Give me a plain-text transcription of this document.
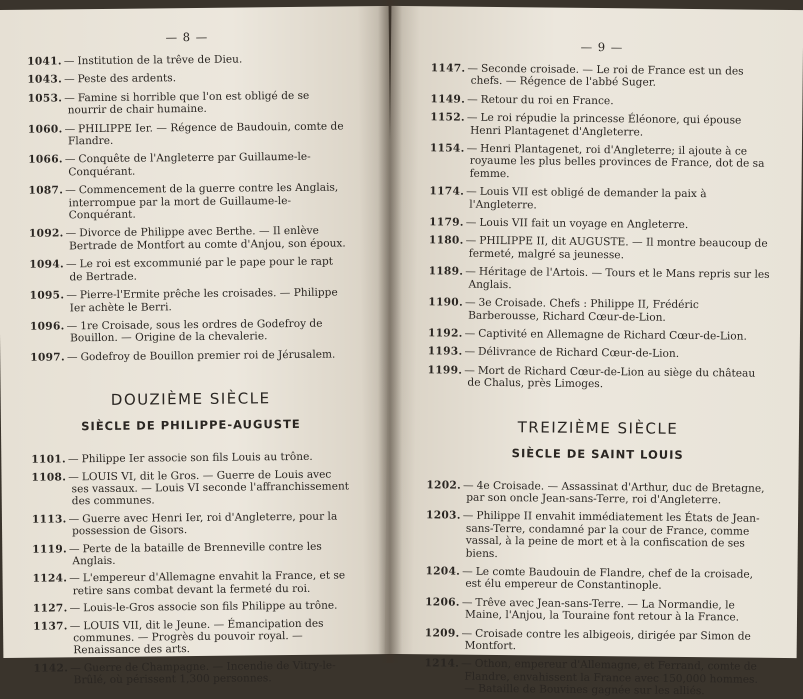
— 8 —
1041. — Institution de la trêve de Dieu.
1043. — Peste des ardents.
1053. — Famine si horrible que l'on est obligé de se nourrir de chair humaine.
1060. — PHILIPPE Ier. — Régence de Baudouin, comte de Flandre.
1066. — Conquête de l'Angleterre par Guillaume-le-Conquérant.
1087. — Commencement de la guerre contre les Anglais, interrompue par la mort de Guillaume-le-Conquérant.
1092. — Divorce de Philippe avec Berthe. — Il enlève Bertrade de Montfort au comte d'Anjou, son époux.
1094. — Le roi est excommunié par le pape pour le rapt de Bertrade.
1095. — Pierre-l'Ermite prêche les croisades. — Philippe Ier achète le Berri.
1096. — 1re Croisade, sous les ordres de Godefroy de Bouillon. — Origine de la chevalerie.
1097. — Godefroy de Bouillon premier roi de Jérusalem.
DOUZIÈME SIÈCLE
SIÈCLE DE PHILIPPE-AUGUSTE
1101. — Philippe Ier associe son fils Louis au trône.
1108. — LOUIS VI, dit le Gros. — Guerre de Louis avec ses vassaux. — Louis VI seconde l'affranchissement des communes.
1113. — Guerre avec Henri Ier, roi d'Angleterre, pour la possession de Gisors.
1119. — Perte de la bataille de Brenneville contre les Anglais.
1124. — L'empereur d'Allemagne envahit la France, et se retire sans combat devant la fermeté du roi.
1127. — Louis-le-Gros associe son fils Philippe au trône.
1137. — LOUIS VII, dit le Jeune. — Émancipation des communes. — Progrès du pouvoir royal. — Renaissance des arts.
1142. — Guerre de Champagne. — Incendie de Vitry-le-Brûlé, où périssent 1,300 personnes.
— 9 —
1147. — Seconde croisade. — Le roi de France est un des chefs. — Régence de l'abbé Suger.
1149. — Retour du roi en France.
1152. — Le roi répudie la princesse Éléonore, qui épouse Henri Plantagenet d'Angleterre.
1154. — Henri Plantagenet, roi d'Angleterre; il ajoute à ce royaume les plus belles provinces de France, dot de sa femme.
1174. — Louis VII est obligé de demander la paix à l'Angleterre.
1179. — Louis VII fait un voyage en Angleterre.
1180. — PHILIPPE II, dit AUGUSTE. — Il montre beaucoup de fermeté, malgré sa jeunesse.
1189. — Héritage de l'Artois. — Tours et le Mans repris sur les Anglais.
1190. — 3e Croisade. Chefs : Philippe II, Frédéric Barberousse, Richard Cœur-de-Lion.
1192. — Captivité en Allemagne de Richard Cœur-de-Lion.
1193. — Délivrance de Richard Cœur-de-Lion.
1199. — Mort de Richard Cœur-de-Lion au siège du château de Chalus, près Limoges.
TREIZIÈME SIÈCLE
SIÈCLE DE SAINT LOUIS
1202. — 4e Croisade. — Assassinat d'Arthur, duc de Bretagne, par son oncle Jean-sans-Terre, roi d'Angleterre.
1203. — Philippe II envahit immédiatement les États de Jean-sans-Terre, condamné par la cour de France, comme vassal, à la peine de mort et à la confiscation de ses biens.
1204. — Le comte Baudouin de Flandre, chef de la croisade, est élu empereur de Constantinople.
1206. — Trêve avec Jean-sans-Terre. — La Normandie, le Maine, l'Anjou, la Touraine font retour à la France.
1209. — Croisade contre les albigeois, dirigée par Simon de Montfort.
1214. — Othon, empereur d'Allemagne, et Ferrand, comte de Flandre, envahissent la France avec 150,000 hommes. — Bataille de Bouvines gagnée sur les alliés.
